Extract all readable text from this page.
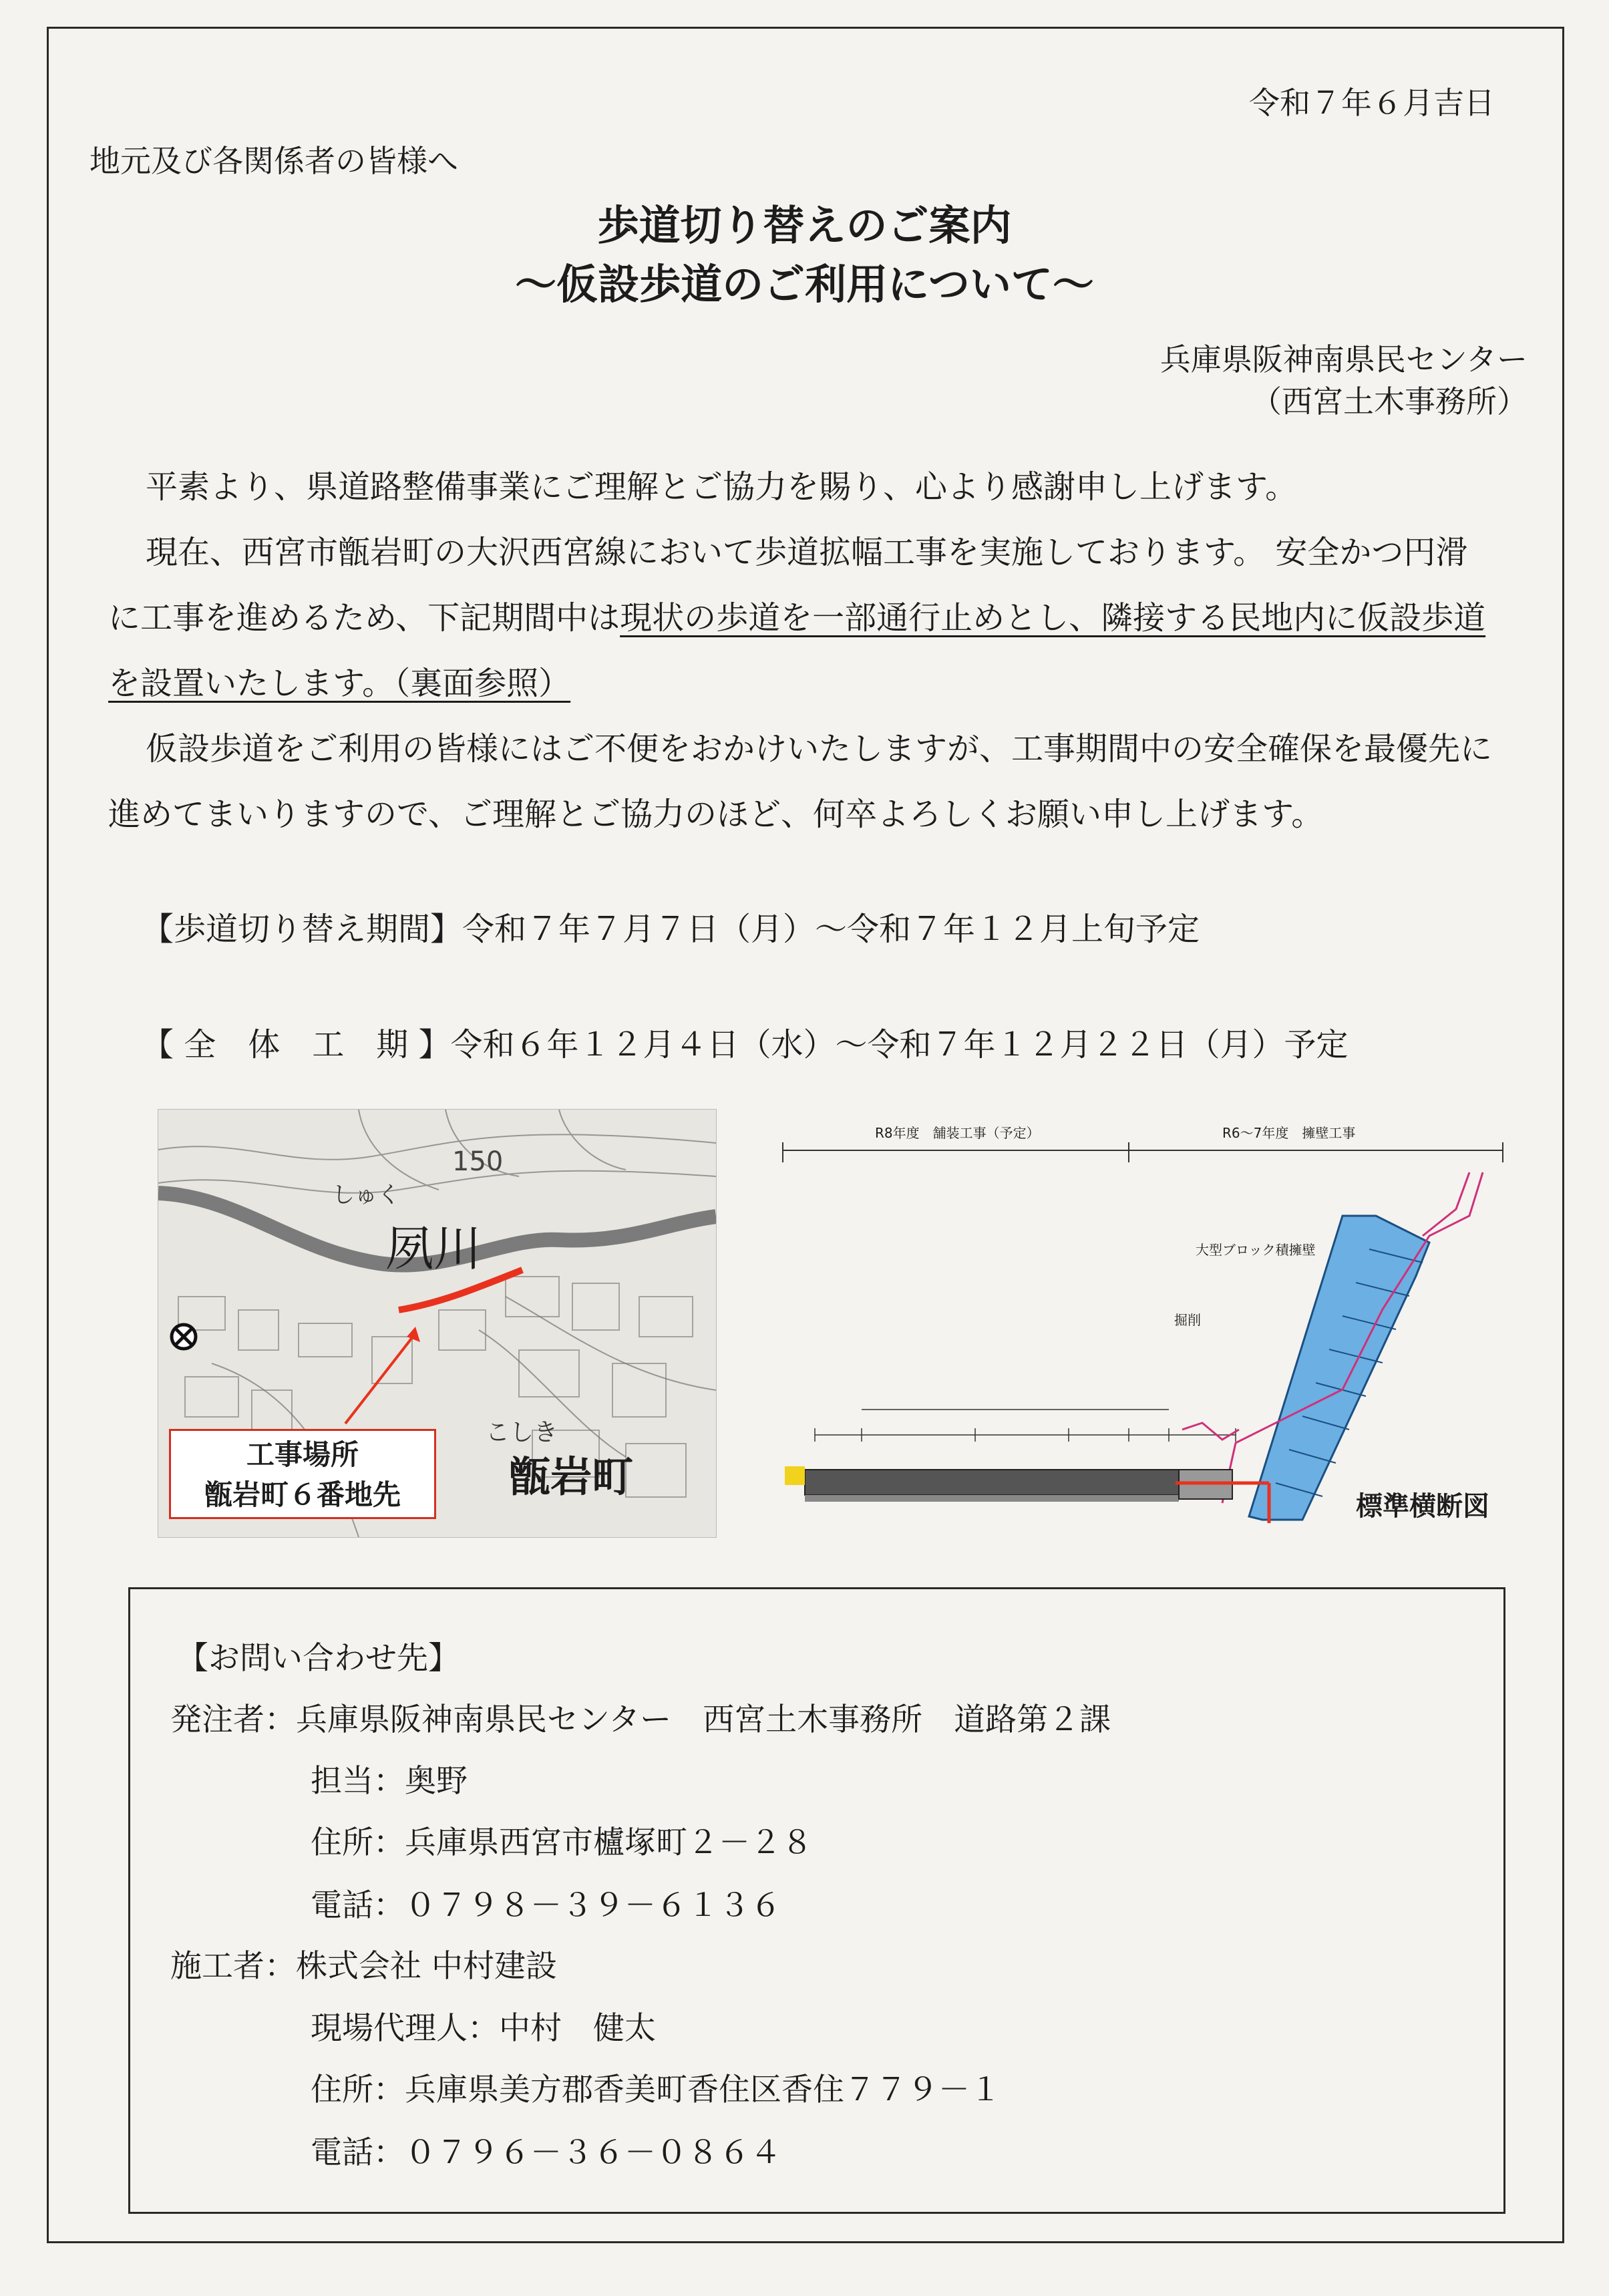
令和７年６月吉日
地元及び各関係者の皆様へ
歩道切り替えのご案内
～仮設歩道のご利用について～
兵庫県阪神南県民センター
（西宮土木事務所）

平素より、県道路整備事業にご理解とご協力を賜り、心より感謝申し上げます。

現在、西宮市甑岩町の大沢西宮線において歩道拡幅工事を実施しております。 安全かつ円滑に工事を進めるため、下記期間中は現状の歩道を一部通行止めとし、隣接する民地内に仮設歩道を設置いたします。（裏面参照）

仮設歩道をご利用の皆様にはご不便をおかけいたしますが、工事期間中の安全確保を最優先に進めてまいりますので、ご理解とご協力のほど、何卒よろしくお願い申し上げます。

【歩道切り替え期間】令和７年７月７日（月）～令和７年１２月上旬予定
【 全　体　工　期 】令和６年１２月４日（水）～令和７年１２月２２日（月）予定
夙川
150
しゅく
こしき
甑岩町
工事場所
甑岩町６番地先
R8年度　舗装工事（予定）	R6～7年度　擁壁工事
大型ブロック積擁壁
掘削
標準横断図
【お問い合わせ先】
発注者：兵庫県阪神南県民センター　西宮土木事務所　道路第２課
担当：奥野
住所：兵庫県西宮市櫨塚町２－２８
電話：０７９８－３９－６１３６
施工者：株式会社 中村建設
現場代理人：中村　健太
住所：兵庫県美方郡香美町香住区香住７７９－１
電話：０７９６－３６－０８６４
